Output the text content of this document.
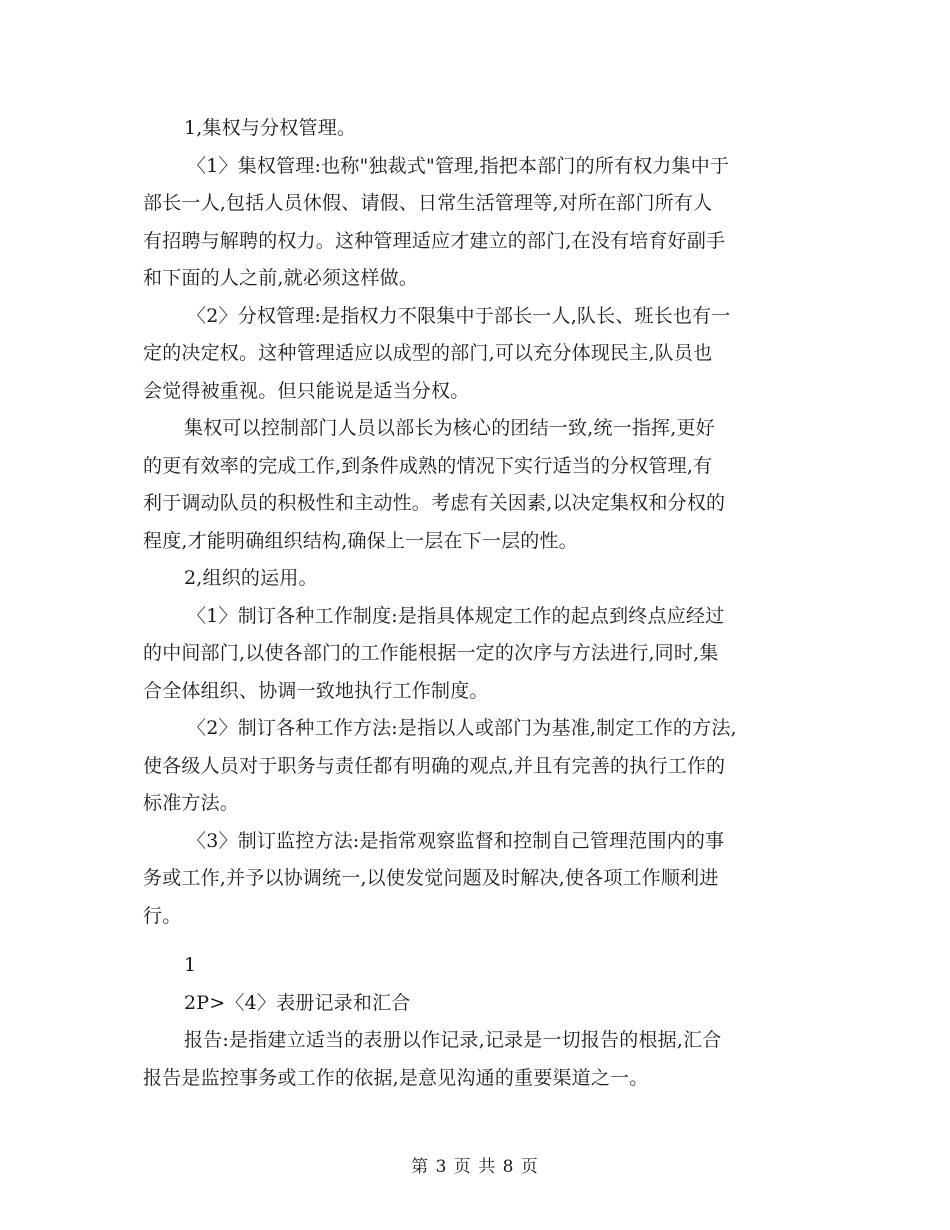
1,集权与分权管理。
〈1〉集权管理:也称"独裁式"管理,指把本部门的所有权力集中于
部长一人,包括人员休假、请假、日常生活管理等,对所在部门所有人
有招聘与解聘的权力。这种管理适应才建立的部门,在没有培育好副手
和下面的人之前,就必须这样做。
〈2〉分权管理:是指权力不限集中于部长一人,队长、班长也有一
定的决定权。这种管理适应以成型的部门,可以充分体现民主,队员也
会觉得被重视。但只能说是适当分权。
集权可以控制部门人员以部长为核心的团结一致,统一指挥,更好
的更有效率的完成工作,到条件成熟的情况下实行适当的分权管理,有
利于调动队员的积极性和主动性。考虑有关因素,以决定集权和分权的
程度,才能明确组织结构,确保上一层在下一层的性。
2,组织的运用。
〈1〉制订各种工作制度:是指具体规定工作的起点到终点应经过
的中间部门,以使各部门的工作能根据一定的次序与方法进行,同时,集
合全体组织、协调一致地执行工作制度。
〈2〉制订各种工作方法:是指以人或部门为基准,制定工作的方法,
使各级人员对于职务与责任都有明确的观点,并且有完善的执行工作的
标准方法。
〈3〉制订监控方法:是指常观察监督和控制自己管理范围内的事
务或工作,并予以协调统一,以使发觉问题及时解决,使各项工作顺利进
行。
1
2P>〈4〉表册记录和汇合
报告:是指建立适当的表册以作记录,记录是一切报告的根据,汇合
报告是监控事务或工作的依据,是意见沟通的重要渠道之一。
第 3 页 共 8 页
